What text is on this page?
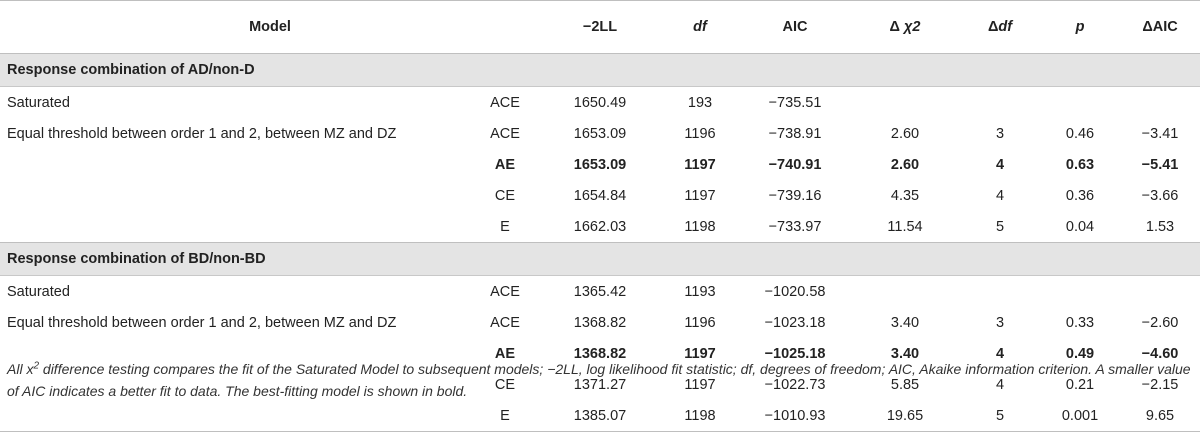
Model		−2LL	df	AIC	Δ χ2	Δdf	p	ΔAIC
Response combination of AD/non-D								
Saturated	ACE	1650.49	193	−735.51				
Equal threshold between order 1 and 2, between MZ and DZ	ACE	1653.09	1196	−738.91	2.60	3	0.46	−3.41
	AE	1653.09	1197	−740.91	2.60	4	0.63	−5.41
	CE	1654.84	1197	−739.16	4.35	4	0.36	−3.66
	E	1662.03	1198	−733.97	11.54	5	0.04	1.53
Response combination of BD/non-BD								
Saturated	ACE	1365.42	1193	−1020.58				
Equal threshold between order 1 and 2, between MZ and DZ	ACE	1368.82	1196	−1023.18	3.40	3	0.33	−2.60
	AE	1368.82	1197	−1025.18	3.40	4	0.49	−4.60
	CE	1371.27	1197	−1022.73	5.85	4	0.21	−2.15
	E	1385.07	1198	−1010.93	19.65	5	0.001	9.65
All $x^2$ difference testing compares the fit of the Saturated Model to subsequent models; −2LL, log likelihood fit statistic; df, degrees of freedom; AIC, Akaike information criterion. A smaller value of AIC indicates a better fit to data. The best-fitting model is shown in bold.
